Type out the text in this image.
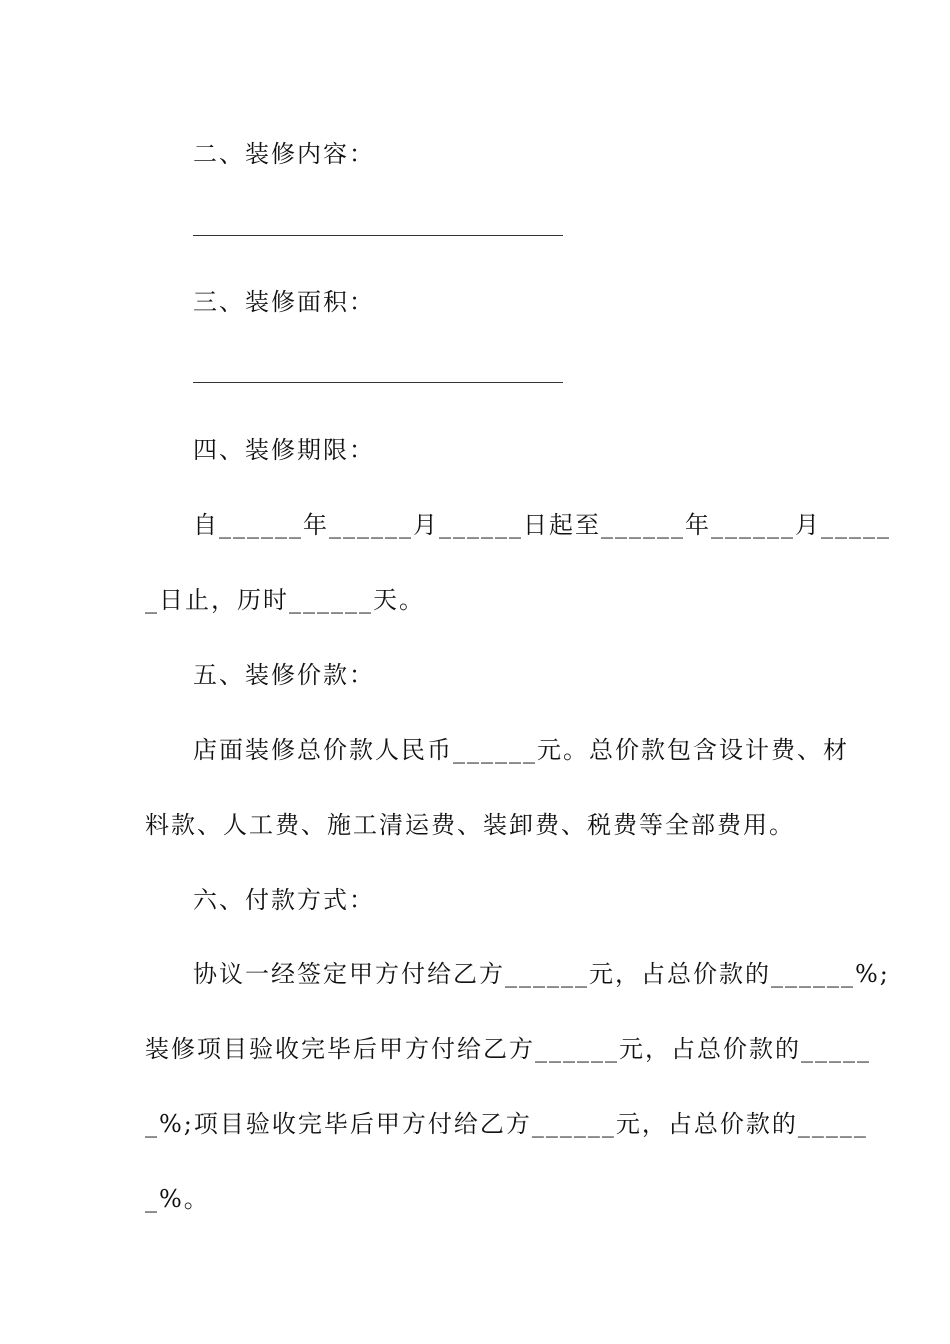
二、装修内容：
三、装修面积：
四、装修期限：
自______年______月______日起至______年______月_____
_日止，历时______天。
五、装修价款：
店面装修总价款人民币______元。总价款包含设计费、材
料款、人工费、施工清运费、装卸费、税费等全部费用。
六、付款方式：
协议一经签定甲方付给乙方______元，占总价款的______%;
装修项目验收完毕后甲方付给乙方______元，占总价款的_____
_%;项目验收完毕后甲方付给乙方______元，占总价款的_____
_%。
